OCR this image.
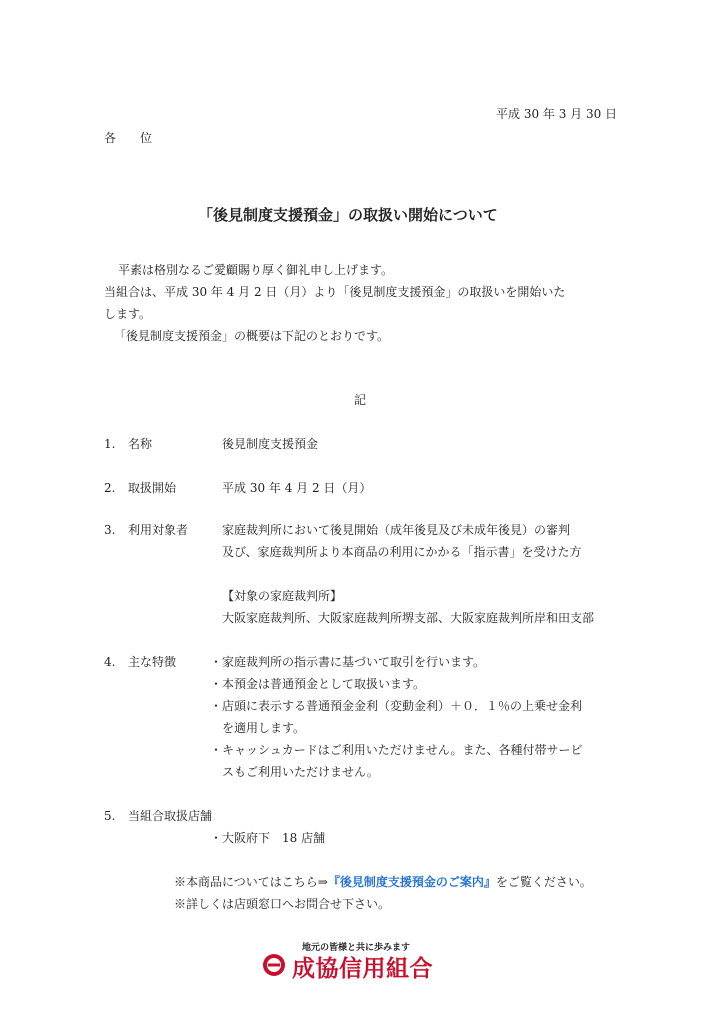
平成 30 年 3 月 30 日
各　　位
「後見制度支援預金」の取扱い開始について
平素は格別なるご愛顧賜り厚く御礼申し上げます。
当組合は、平成 30 年 4 月 2 日（月）より「後見制度支援預金」の取扱いを開始いた
します。
「後見制度支援預金」の概要は下記のとおりです。
記
1. 名称	後見制度支援預金
2. 取扱開始	平成 30 年 4 月 2 日（月）
3. 利用対象者	家庭裁判所において後見開始（成年後見及び未成年後見）の審判
及び、家庭裁判所より本商品の利用にかかる「指示書」を受けた方
【対象の家庭裁判所】
大阪家庭裁判所、大阪家庭裁判所堺支部、大阪家庭裁判所岸和田支部
4. 主な特徴	・家庭裁判所の指示書に基づいて取引を行います。
・本預金は普通預金として取扱います。
・店頭に表示する普通預金金利（変動金利）＋０．１％の上乗せ金利
を適用します。
・キャッシュカードはご利用いただけません。また、各種付帯サービ
スもご利用いただけません。
5. 当組合取扱店舗
・大阪府下　18 店舗
※本商品についてはこちら⇒『後見制度支援預金のご案内』をご覧ください。
※詳しくは店頭窓口へお問合せ下さい。
地元の皆様と共に歩みます
成協信用組合
